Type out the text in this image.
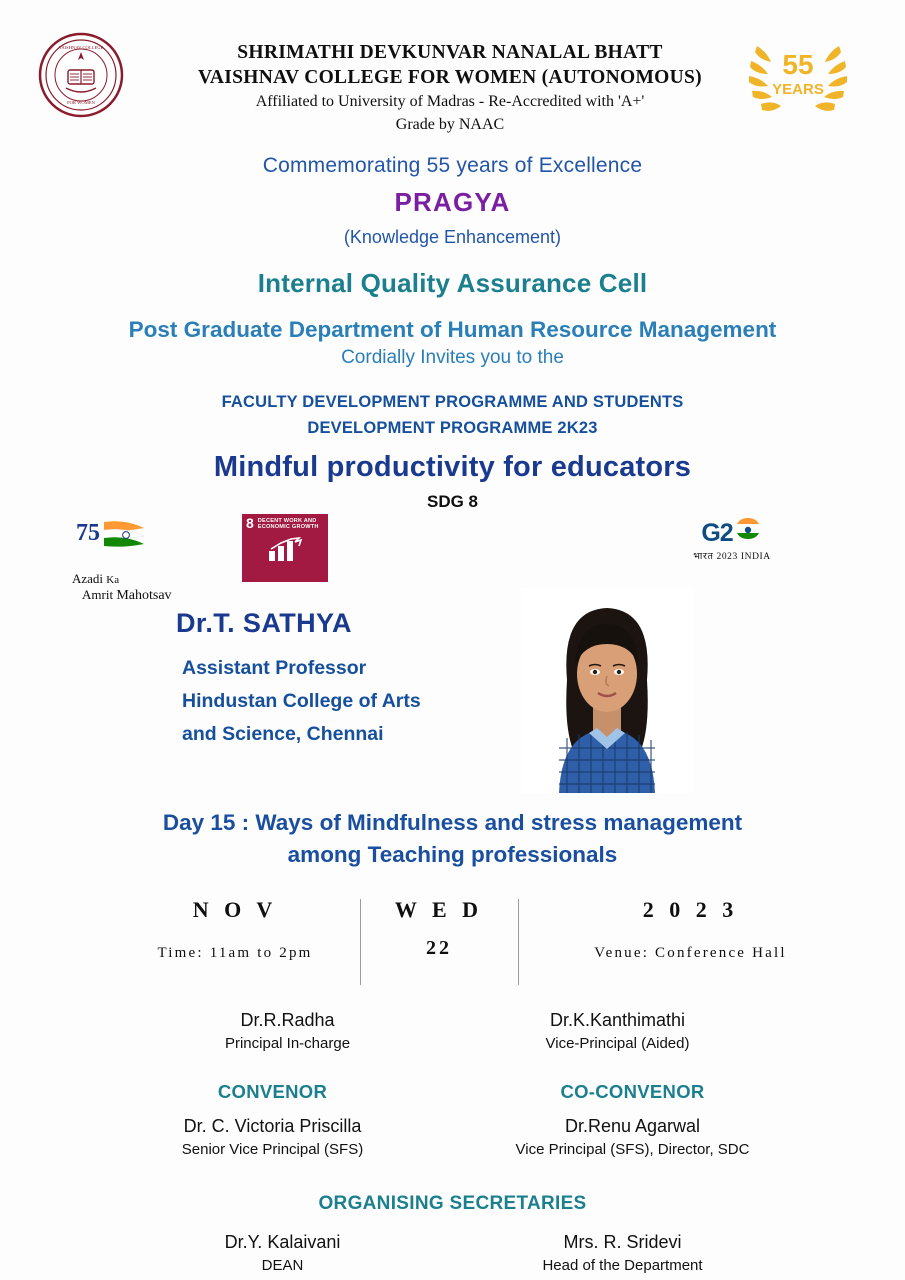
VAISHNAV COLLEGE
FOR WOMEN
SHRIMATHI DEVKUNVAR NANALAL BHATT
VAISHNAV COLLEGE FOR WOMEN (AUTONOMOUS)
Affiliated to University of Madras - Re-Accredited with 'A+'
Grade by NAAC
55
YEARS
Commemorating 55 years of Excellence
PRAGYA
(Knowledge Enhancement)
Internal Quality Assurance Cell
Post Graduate Department of Human Resource Management
Cordially Invites you to the
FACULTY DEVELOPMENT PROGRAMME AND STUDENTS
DEVELOPMENT PROGRAMME 2K23
Mindful productivity for educators
SDG 8
75
Azadi Ka
Amrit Mahotsav
8 DECENT WORK AND ECONOMIC GROWTH	G2
भारत 2023 INDIA
Dr.T. SATHYA
Assistant Professor
Hindustan College of Arts
and Science, Chennai
Day 15 : Ways of Mindfulness and stress management
among Teaching professionals
N O V
Time: 11am to 2pm
W E D
22
2 0 2 3
Venue: Conference Hall
Dr.R.Radha
Principal In-charge
Dr.K.Kanthimathi
Vice-Principal (Aided)
CONVENOR	CO-CONVENOR
Dr. C. Victoria Priscilla
Senior Vice Principal (SFS)
Dr.Renu Agarwal
Vice Principal (SFS), Director, SDC
ORGANISING SECRETARIES
Dr.Y. Kalaivani
DEAN
Mrs. R. Sridevi
Head of the Department
